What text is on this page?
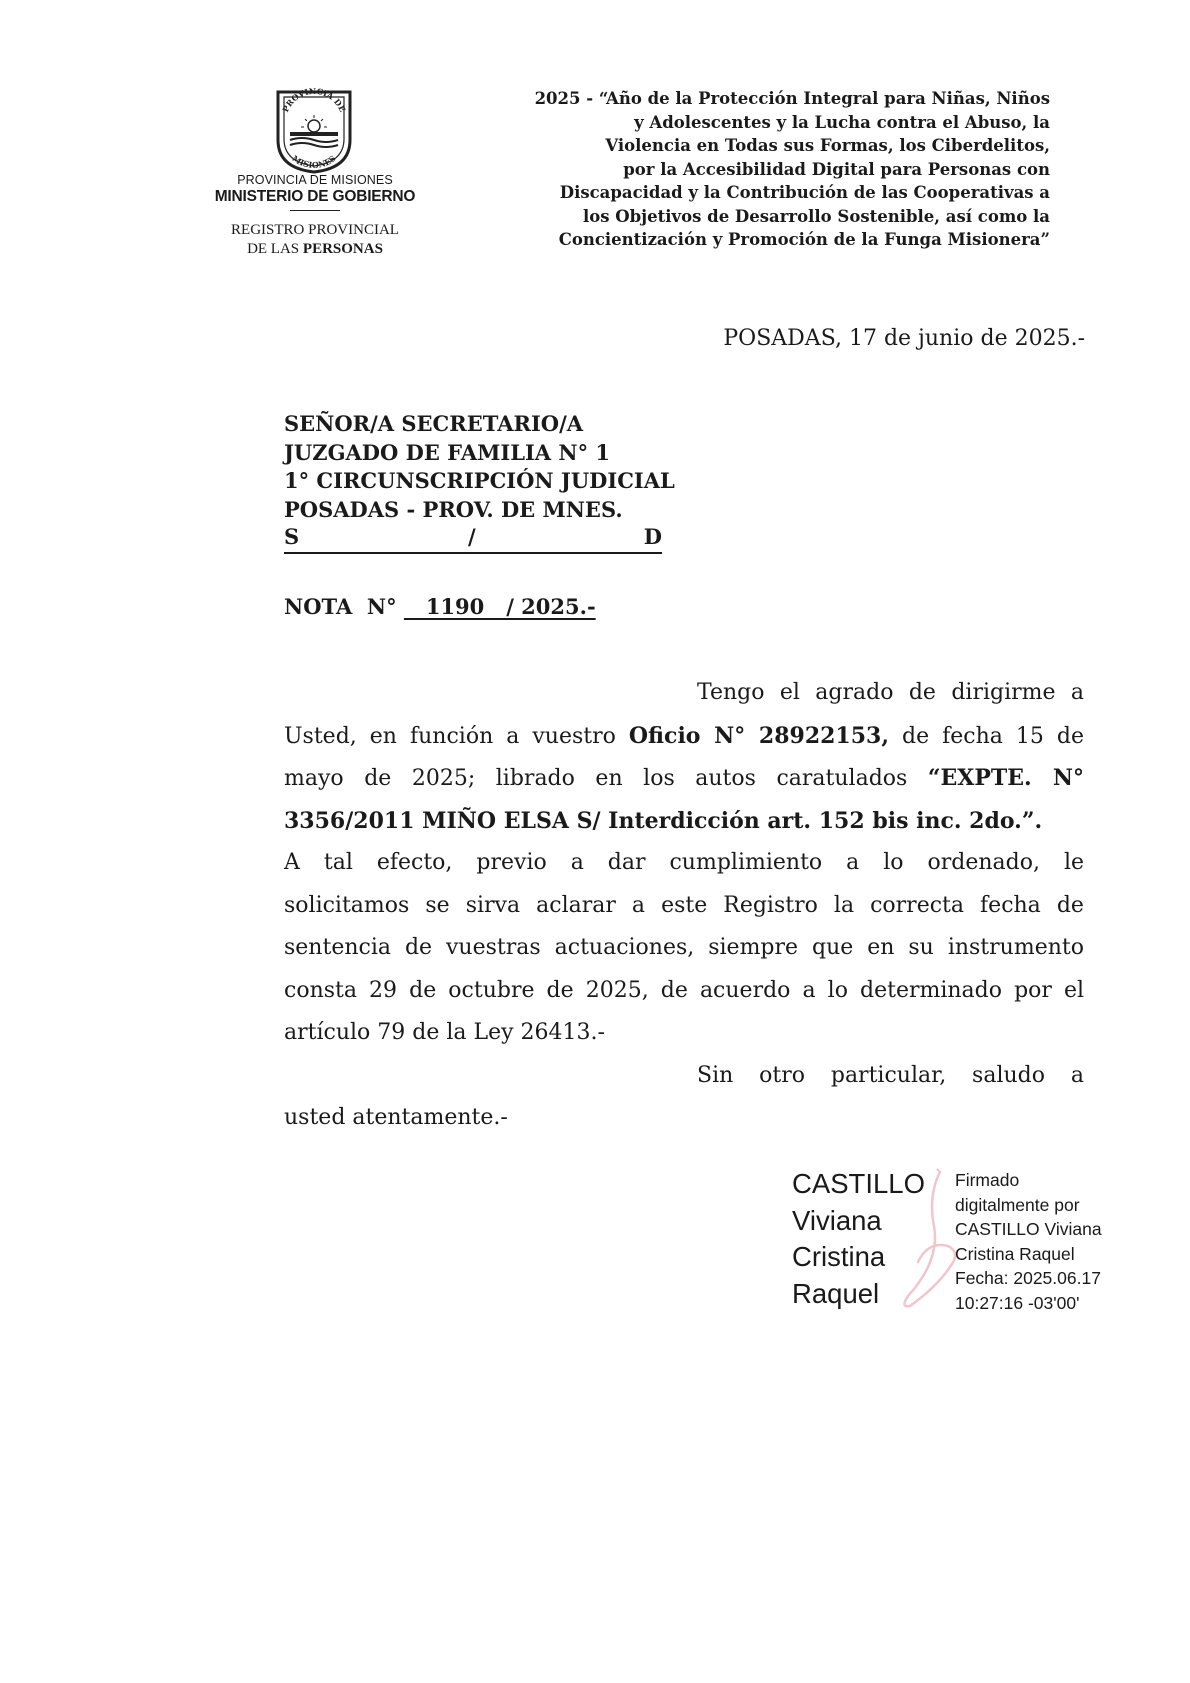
PROVINCIA DE
MISIONES
PROVINCIA DE MISIONES
MINISTERIO DE GOBIERNO
REGISTRO PROVINCIAL
DE LAS PERSONAS
2025 - “Año de la Protección Integral para Niñas, Niños
y Adolescentes y la Lucha contra el Abuso, la
Violencia en Todas sus Formas, los Ciberdelitos,
por la Accesibilidad Digital para Personas con
Discapacidad y la Contribución de las Cooperativas a
los Objetivos de Desarrollo Sostenible, así como la
Concientización y Promoción de la Funga Misionera”
POSADAS, 17 de junio de 2025.-
SEÑOR/A SECRETARIO/A
JUZGADO DE FAMILIA N° 1
1° CIRCUNSCRIPCIÓN JUDICIAL
POSADAS - PROV. DE MNES.
S	/	D
NOTA  N°    1190   / 2025.-
Tengo el agrado de dirigirme a
Usted, en función a vuestro Oficio N° 28922153, de fecha 15 de
mayo de 2025; librado en los autos caratulados “EXPTE. N°
3356/2011 MIÑO ELSA S/ Interdicción art. 152 bis inc. 2do.”.
A tal efecto, previo a dar cumplimiento a lo ordenado, le
solicitamos se sirva aclarar a este Registro la correcta fecha de
sentencia de vuestras actuaciones, siempre que en su instrumento
consta 29 de octubre de 2025, de acuerdo a lo determinado por el
artículo 79 de la Ley 26413.-
Sin otro particular, saludo a
usted atentamente.-
CASTILLO
Viviana
Cristina
Raquel
Firmado
digitalmente por
CASTILLO Viviana
Cristina Raquel
Fecha: 2025.06.17
10:27:16 -03'00'
